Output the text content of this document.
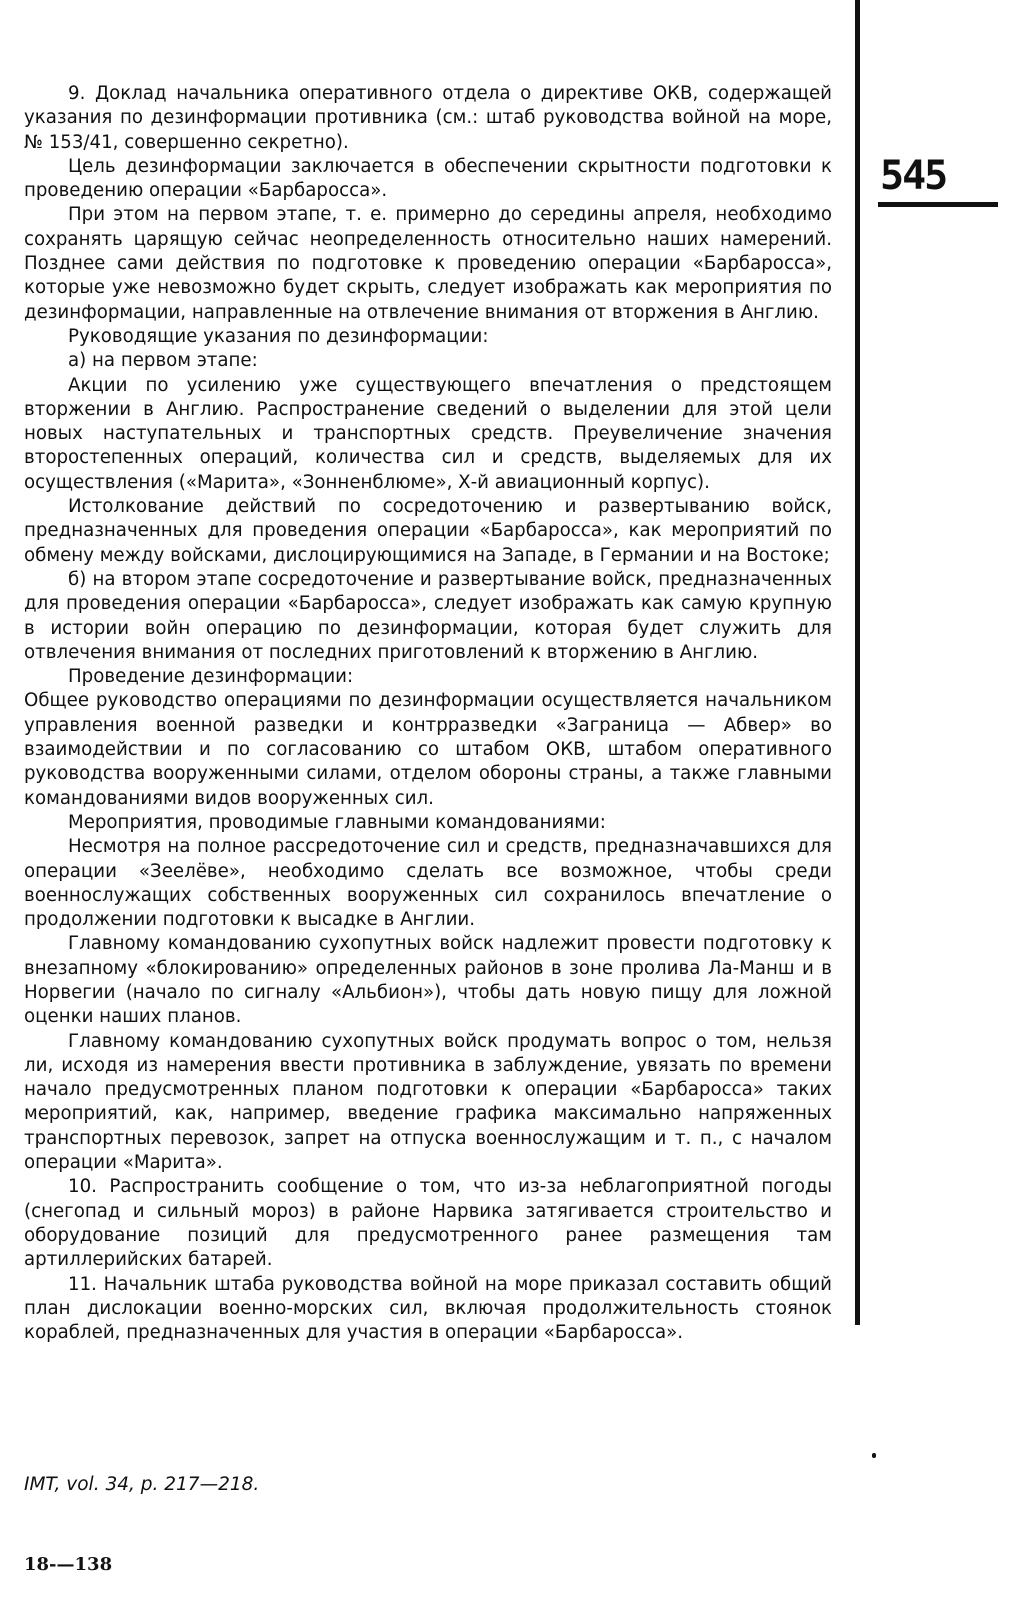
9. Доклад начальника оперативного отдела о директиве ОКВ, содержащей указания по дезинформации противника (см.: штаб руководства войной на море, № 153/41, совершенно секретно).

Цель дезинформации заключается в обеспечении скрытности подготовки к проведению операции «Барбаросса».

При этом на первом этапе, т. е. примерно до середины апреля, необходимо сохранять царящую сейчас неопределенность относительно наших намерений. Позднее сами действия по подготовке к проведению операции «Барбаросса», которые уже невозможно будет скрыть, следует изображать как мероприятия по дезинформации, направленные на отвлечение внимания от вторжения в Англию.

Руководящие указания по дезинформации:

а) на первом этапе:

Акции по усилению уже существующего впечатления о предстоящем вторжении в Англию. Распространение сведений о выделении для этой цели новых наступательных и транспортных средств. Преувеличение значения второстепенных операций, количества сил и средств, выделяемых для их осуществления («Марита», «Зонненблюме», Х-й авиационный корпус).

Истолкование действий по сосредоточению и развертыванию войск, предназначенных для проведения операции «Барбаросса», как мероприятий по обмену между войсками, дислоцирующимися на Западе, в Германии и на Востоке;

б) на втором этапе сосредоточение и развертывание войск, предназначенных для проведения операции «Барбаросса», следует изображать как самую крупную в истории войн операцию по дезинформации, которая будет служить для отвлечения внимания от последних приготовлений к вторжению в Англию.

Проведение дезинформации:

Общее руководство операциями по дезинформации осуществляется начальником управления военной разведки и контрразведки «Заграница — Абвер» во взаимодействии и по согласованию со штабом ОКВ, штабом оперативного руководства вооруженными силами, отделом обороны страны, а также главными командованиями видов вооруженных сил.

Мероприятия, проводимые главными командованиями:

Несмотря на полное рассредоточение сил и средств, предназначавшихся для операции «Зеелёве», необходимо сделать все возможное, чтобы среди военнослужащих собственных вооруженных сил сохранилось впечатление о продолжении подготовки к высадке в Англии.

Главному командованию сухопутных войск надлежит провести подготовку к внезапному «блокированию» определенных районов в зоне пролива Ла-Манш и в Норвегии (начало по сигналу «Альбион»), чтобы дать новую пищу для ложной оценки наших планов.

Главному командованию сухопутных войск продумать вопрос о том, нельзя ли, исходя из намерения ввести противника в заблуждение, увязать по времени начало предусмотренных планом подготовки к операции «Барбаросса» таких мероприятий, как, например, введение графика максимально напряженных транспортных перевозок, запрет на отпуска военнослужащим и т. п., с началом операции «Марита».

10. Распространить сообщение о том, что из-за неблагоприятной погоды (снегопад и сильный мороз) в районе Нарвика затягивается строительство и оборудование позиций для предусмотренного ранее размещения там артиллерийских батарей.

11. Начальник штаба руководства войной на море приказал составить общий план дислокации военно-морских сил, включая продолжительность стоянок кораблей, предназначенных для участия в операции «Барбаросса».

545
IMT, vol. 34, p. 217—218.
18-—138
